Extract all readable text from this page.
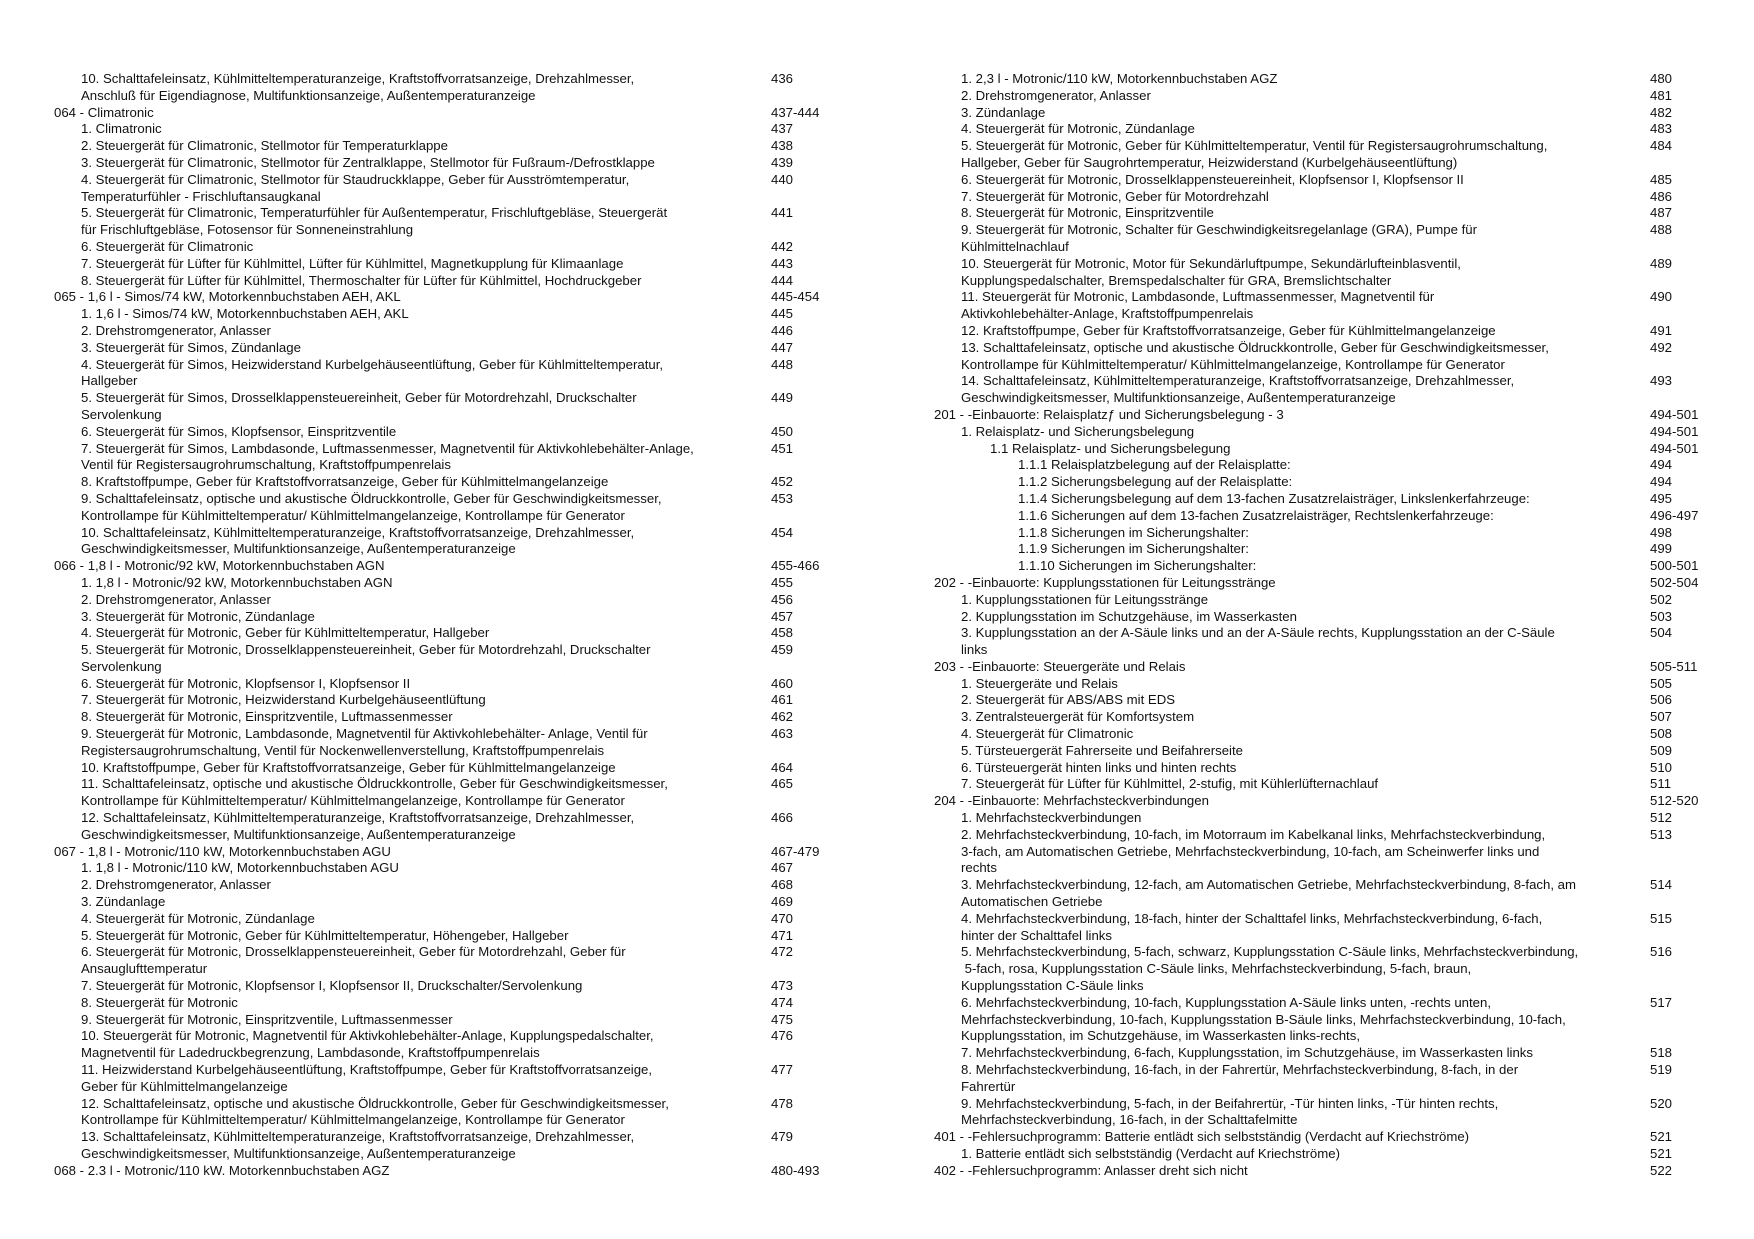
10. Schalttafeleinsatz, Kühlmitteltemperaturanzeige, Kraftstoffvorratsanzeige, Drehzahlmesser,
Anschluß für Eigendiagnose, Multifunktionsanzeige, Außentemperaturanzeige
436
064 - Climatronic	437-444
1. Climatronic	437
2. Steuergerät für Climatronic, Stellmotor für Temperaturklappe	438
3. Steuergerät für Climatronic, Stellmotor für Zentralklappe, Stellmotor für Fußraum-/Defrostklappe	439
4. Steuergerät für Climatronic, Stellmotor für Staudruckklappe, Geber für Ausströmtemperatur,
Temperaturfühler - Frischluftansaugkanal
440
5. Steuergerät für Climatronic, Temperaturfühler für Außentemperatur, Frischluftgebläse, Steuergerät
für Frischluftgebläse, Fotosensor für Sonneneinstrahlung
441
6. Steuergerät für Climatronic	442
7. Steuergerät für Lüfter für Kühlmittel, Lüfter für Kühlmittel, Magnetkupplung für Klimaanlage	443
8. Steuergerät für Lüfter für Kühlmittel, Thermoschalter für Lüfter für Kühlmittel, Hochdruckgeber	444
065 - 1,6 l - Simos/74 kW, Motorkennbuchstaben AEH, AKL	445-454
1. 1,6 l - Simos/74 kW, Motorkennbuchstaben AEH, AKL	445
2. Drehstromgenerator, Anlasser	446
3. Steuergerät für Simos, Zündanlage	447
4. Steuergerät für Simos, Heizwiderstand Kurbelgehäuseentlüftung, Geber für Kühlmitteltemperatur,
Hallgeber
448
5. Steuergerät für Simos, Drosselklappensteuereinheit, Geber für Motordrehzahl, Druckschalter
Servolenkung
449
6. Steuergerät für Simos, Klopfsensor, Einspritzventile	450
7. Steuergerät für Simos, Lambdasonde, Luftmassenmesser, Magnetventil für Aktivkohlebehälter-Anlage,
Ventil für Registersaugrohrumschaltung, Kraftstoffpumpenrelais
451
8. Kraftstoffpumpe, Geber für Kraftstoffvorratsanzeige, Geber für Kühlmittelmangelanzeige	452
9. Schalttafeleinsatz, optische und akustische Öldruckkontrolle, Geber für Geschwindigkeitsmesser,
Kontrollampe für Kühlmitteltemperatur/ Kühlmittelmangelanzeige, Kontrollampe für Generator
453
10. Schalttafeleinsatz, Kühlmitteltemperaturanzeige, Kraftstoffvorratsanzeige, Drehzahlmesser,
Geschwindigkeitsmesser, Multifunktionsanzeige, Außentemperaturanzeige
454
066 - 1,8 l - Motronic/92 kW, Motorkennbuchstaben AGN	455-466
1. 1,8 l - Motronic/92 kW, Motorkennbuchstaben AGN	455
2. Drehstromgenerator, Anlasser	456
3. Steuergerät für Motronic, Zündanlage	457
4. Steuergerät für Motronic, Geber für Kühlmitteltemperatur, Hallgeber	458
5. Steuergerät für Motronic, Drosselklappensteuereinheit, Geber für Motordrehzahl, Druckschalter
Servolenkung
459
6. Steuergerät für Motronic, Klopfsensor I, Klopfsensor II	460
7. Steuergerät für Motronic, Heizwiderstand Kurbelgehäuseentlüftung	461
8. Steuergerät für Motronic, Einspritzventile, Luftmassenmesser	462
9. Steuergerät für Motronic, Lambdasonde, Magnetventil für Aktivkohlebehälter- Anlage, Ventil für
Registersaugrohrumschaltung, Ventil für Nockenwellenverstellung, Kraftstoffpumpenrelais
463
10. Kraftstoffpumpe, Geber für Kraftstoffvorratsanzeige, Geber für Kühlmittelmangelanzeige	464
11. Schalttafeleinsatz, optische und akustische Öldruckkontrolle, Geber für Geschwindigkeitsmesser,
Kontrollampe für Kühlmitteltemperatur/ Kühlmittelmangelanzeige, Kontrollampe für Generator
465
12. Schalttafeleinsatz, Kühlmitteltemperaturanzeige, Kraftstoffvorratsanzeige, Drehzahlmesser,
Geschwindigkeitsmesser, Multifunktionsanzeige, Außentemperaturanzeige
466
067 - 1,8 l - Motronic/110 kW, Motorkennbuchstaben AGU	467-479
1. 1,8 l - Motronic/110 kW, Motorkennbuchstaben AGU	467
2. Drehstromgenerator, Anlasser	468
3. Zündanlage	469
4. Steuergerät für Motronic, Zündanlage	470
5. Steuergerät für Motronic, Geber für Kühlmitteltemperatur, Höhengeber, Hallgeber	471
6. Steuergerät für Motronic, Drosselklappensteuereinheit, Geber für Motordrehzahl, Geber für
Ansauglufttemperatur
472
7. Steuergerät für Motronic, Klopfsensor I, Klopfsensor II, Druckschalter/Servolenkung	473
8. Steuergerät für Motronic	474
9. Steuergerät für Motronic, Einspritzventile, Luftmassenmesser	475
10. Steuergerät für Motronic, Magnetventil für Aktivkohlebehälter-Anlage, Kupplungspedalschalter,
Magnetventil für Ladedruckbegrenzung, Lambdasonde, Kraftstoffpumpenrelais
476
11. Heizwiderstand Kurbelgehäuseentlüftung, Kraftstoffpumpe, Geber für Kraftstoffvorratsanzeige,
Geber für Kühlmittelmangelanzeige
477
12. Schalttafeleinsatz, optische und akustische Öldruckkontrolle, Geber für Geschwindigkeitsmesser,
Kontrollampe für Kühlmitteltemperatur/ Kühlmittelmangelanzeige, Kontrollampe für Generator
478
13. Schalttafeleinsatz, Kühlmitteltemperaturanzeige, Kraftstoffvorratsanzeige, Drehzahlmesser,
Geschwindigkeitsmesser, Multifunktionsanzeige, Außentemperaturanzeige
479
068 - 2.3 l - Motronic/110 kW. Motorkennbuchstaben AGZ	480-493
1. 2,3 l - Motronic/110 kW, Motorkennbuchstaben AGZ	480
2. Drehstromgenerator, Anlasser	481
3. Zündanlage	482
4. Steuergerät für Motronic, Zündanlage	483
5. Steuergerät für Motronic, Geber für Kühlmitteltemperatur, Ventil für Registersaugrohrumschaltung,
Hallgeber, Geber für Saugrohrtemperatur, Heizwiderstand (Kurbelgehäuseentlüftung)
484
6. Steuergerät für Motronic, Drosselklappensteuereinheit, Klopfsensor I, Klopfsensor II	485
7. Steuergerät für Motronic, Geber für Motordrehzahl	486
8. Steuergerät für Motronic, Einspritzventile	487
9. Steuergerät für Motronic, Schalter für Geschwindigkeitsregelanlage (GRA), Pumpe für
Kühlmittelnachlauf
488
10. Steuergerät für Motronic, Motor für Sekundärluftpumpe, Sekundärlufteinblasventil,
Kupplungspedalschalter, Bremspedalschalter für GRA, Bremslichtschalter
489
11. Steuergerät für Motronic, Lambdasonde, Luftmassenmesser, Magnetventil für
Aktivkohlebehälter-Anlage, Kraftstoffpumpenrelais
490
12. Kraftstoffpumpe, Geber für Kraftstoffvorratsanzeige, Geber für Kühlmittelmangelanzeige	491
13. Schalttafeleinsatz, optische und akustische Öldruckkontrolle, Geber für Geschwindigkeitsmesser,
Kontrollampe für Kühlmitteltemperatur/ Kühlmittelmangelanzeige, Kontrollampe für Generator
492
14. Schalttafeleinsatz, Kühlmitteltemperaturanzeige, Kraftstoffvorratsanzeige, Drehzahlmesser,
Geschwindigkeitsmesser, Multifunktionsanzeige, Außentemperaturanzeige
493
201 - -Einbauorte: Relaisplatzƒ und Sicherungsbelegung - 3	494-501
1. Relaisplatz- und Sicherungsbelegung	494-501
1.1 Relaisplatz- und Sicherungsbelegung	494-501
1.1.1 Relaisplatzbelegung auf der Relaisplatte:	494
1.1.2 Sicherungsbelegung auf der Relaisplatte:	494
1.1.4 Sicherungsbelegung auf dem 13-fachen Zusatzrelaisträger, Linkslenkerfahrzeuge:	495
1.1.6 Sicherungen auf dem 13-fachen Zusatzrelaisträger, Rechtslenkerfahrzeuge:	496-497
1.1.8 Sicherungen im Sicherungshalter:	498
1.1.9 Sicherungen im Sicherungshalter:	499
1.1.10 Sicherungen im Sicherungshalter:	500-501
202 - -Einbauorte: Kupplungsstationen für Leitungsstränge	502-504
1. Kupplungsstationen für Leitungsstränge	502
2. Kupplungsstation im Schutzgehäuse, im Wasserkasten	503
3. Kupplungsstation an der A-Säule links und an der A-Säule rechts, Kupplungsstation an der C-Säule
links
504
203 - -Einbauorte: Steuergeräte und Relais	505-511
1. Steuergeräte und Relais	505
2. Steuergerät für ABS/ABS mit EDS	506
3. Zentralsteuergerät für Komfortsystem	507
4. Steuergerät für Climatronic	508
5. Türsteuergerät Fahrerseite und Beifahrerseite	509
6. Türsteuergerät hinten links und hinten rechts	510
7. Steuergerät für Lüfter für Kühlmittel, 2-stufig, mit Kühlerlüfternachlauf	511
204 - -Einbauorte: Mehrfachsteckverbindungen	512-520
1. Mehrfachsteckverbindungen	512
2. Mehrfachsteckverbindung, 10-fach, im Motorraum im Kabelkanal links, Mehrfachsteckverbindung,
3-fach, am Automatischen Getriebe, Mehrfachsteckverbindung, 10-fach, am Scheinwerfer links und
rechts
513
3. Mehrfachsteckverbindung, 12-fach, am Automatischen Getriebe, Mehrfachsteckverbindung, 8-fach, am
Automatischen Getriebe
514
4. Mehrfachsteckverbindung, 18-fach, hinter der Schalttafel links, Mehrfachsteckverbindung, 6-fach,
hinter der Schalttafel links
515
5. Mehrfachsteckverbindung, 5-fach, schwarz, Kupplungsstation C-Säule links, Mehrfachsteckverbindung,
5-fach, rosa, Kupplungsstation C-Säule links, Mehrfachsteckverbindung, 5-fach, braun,
Kupplungsstation C-Säule links
516
6. Mehrfachsteckverbindung, 10-fach, Kupplungsstation A-Säule links unten, -rechts unten,
Mehrfachsteckverbindung, 10-fach, Kupplungsstation B-Säule links, Mehrfachsteckverbindung, 10-fach,
Kupplungsstation, im Schutzgehäuse, im Wasserkasten links-rechts,
517
7. Mehrfachsteckverbindung, 6-fach, Kupplungsstation, im Schutzgehäuse, im Wasserkasten links	518
8. Mehrfachsteckverbindung, 16-fach, in der Fahrertür, Mehrfachsteckverbindung, 8-fach, in der
Fahrertür
519
9. Mehrfachsteckverbindung, 5-fach, in der Beifahrertür, -Tür hinten links, -Tür hinten rechts,
Mehrfachsteckverbindung, 16-fach, in der Schalttafelmitte
520
401 - -Fehlersuchprogramm: Batterie entlädt sich selbstständig (Verdacht auf Kriechströme)	521
1. Batterie entlädt sich selbstständig (Verdacht auf Kriechströme)	521
402 - -Fehlersuchprogramm: Anlasser dreht sich nicht	522
